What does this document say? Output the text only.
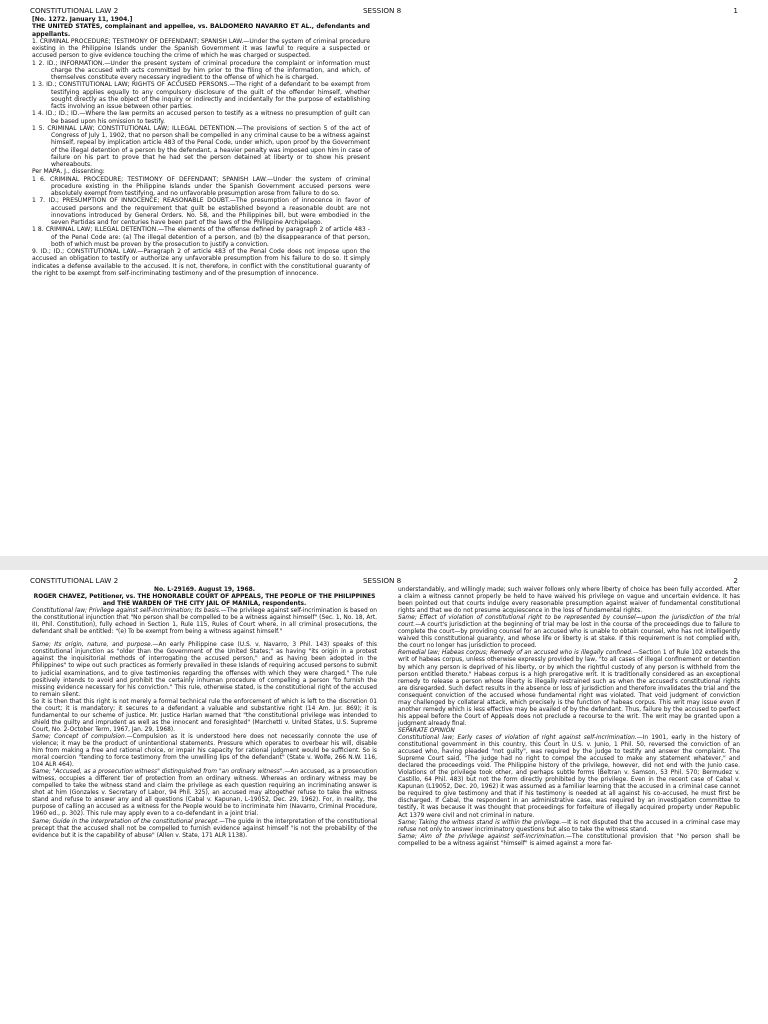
CONSTITUTIONAL LAW 2	SESSION 8	1

[No. 1272. January 11, 1904.]

THE UNITED STATES, complainant and appellee, vs. BALDOMERO NAVARRO ET AL., defendants and appellants.

1. CRIMINAL PROCEDURE; TESTIMONY OF DEFENDANT; SPANISH LAW.—Under the system of criminal procedure existing in the Philippine Islands under the Spanish Government it was lawful to require a suspected or accused person to give evidence touching the crime of which he was charged or suspected.

1 2. ID.; INFORMATION.—Under the present system of criminal procedure the complaint or information must charge the accused with acts committed by him prior to the filing of the information, and which, of themselves constitute every necessary ingredient to the offense of which he is charged.

1 3. ID.; CONSTITUTIONAL LAW; RIGHTS OF ACCUSED PERSONS.—The right of a defendant to be exempt from testifying applies equally to any compulsory disclosure of the guilt of the offender himself, whether sought directly as the object of the inquiry or indirectly and incidentally for the purpose of establishing facts involving an issue between other parties.

1 4. ID.; ID.; ID.—Where the law permits an accused person to testify as a witness no presumption of guilt can be based upon his omission to testify.

1 5. CRIMINAL LAW; CONSTITUTIONAL LAW; ILLEGAL DETENTION.—The provisions of section 5 of the act of Congress of July 1, 1902, that no person shall be compelled in any criminal cause to be a witness against himself, repeal by implication article 483 of the Penal Code, under which, upon proof by the Government of the illegal detention of a person by the defendant, a heavier penalty was imposed upon him in case of failure on his part to prove that he had set the person detained at liberty or to show his present whereabouts.

Per MAPA, J., dissenting:

1 6. CRIMINAL PROCEDURE; TESTIMONY OF DEFENDANT; SPANISH LAW.—Under the system of criminal procedure existing in the Philippine Islands under the Spanish Government accused persons were absolutely exempt from testifying, and no unfavorable presumption arose from failure to do so.

1 7. ID.; PRESUMPTION OF INNOCENCE; REASONABLE DOUBT.—The presumption of innocence in favor of accused persons and the requirement that guilt be established beyond a reasonable doubt are not innovations introduced by General Orders. No. 58, and the Philippines bill, but were embodied in the seven Partidas and for centuries have been part of the laws of the Philippine Archipelago.

1 8. CRIMINAL LAW; ILLEGAL DETENTION.—The elements of the offense defined by paragraph 2 of article 483 -of the Penal Code are: (a) The illegal detention of a person, and (b) the disappearance of that person, both of which must be proven by the prosecution to justify a conviction.

9. ID.; ID.; CONSTITUTIONAL LAW.—Paragraph 2 of article 483 of the Penal Code does not impose upon the accused an obligation to testify or authorize any unfavorable presumption from his failure to do so. It simply indicates a defense available to the accused. It is not, therefore, in conflict with the constitutional guaranty of the right to be exempt from self-incriminating testimony and of the presumption of innocence.

CONSTITUTIONAL LAW 2	SESSION 8	2

No. L-29169. August 19, 1968.

ROGER CHAVEZ, Petitioner, vs. THE HONORABLE COURT OF APPEALS, THE PEOPLE OF THE PHILIPPINES and THE WARDEN OF THE CITY JAIL OF MANILA, respondents.

Constitutional law; Privilege against self-incrimination; Its basis.—The privilege against self-incrimination is based on the constitutional injunction that "No person shall be compelled to be a witness against himself" (Sec. 1, No. 18, Art. III, Phil. Constitution), fully echoed in Section 1, Rule 115, Rules of Court where, in all criminal prosecutions, the defendant shall be entitled: "(e) To be exempt from being a witness against himself."

Same; Its origin, nature, and purpose.—An early Philippine case (U.S. v. Navarro, 3 Phil. 143) speaks of this constitutional injunction as "older than the Government of the United States;" as having "its origin in a protest against the inquisitorial methods of interrogating the accused person," and as having been adopted in the Philippines" to wipe out such practices as formerly prevailed in these Islands of requiring accused persons to submit to judicial examinations, and to give testimonies regarding the offenses with which they were charged." The rule positively intends to avoid and prohibit the certainly inhuman procedure of compelling a person "to furnish the missing evidence necessary for his conviction." This rule, otherwise stated, is the constitutional right of the accused to remain silent.

So it is then that this right is not merely a formal technical rule the enforcement of which is left to the discretion 01 the court; it is mandatory; it secures to a defendant a valuable and substantive right (14 Am. Jur. 869); it is fundamental to our scheme of justice. Mr. Justice Harlan warned that "the constitutional privilege was intended to shield the guilty and imprudent as well as the innocent and foresighted" (Marchetti v. United States, U.S. Supreme Court, No. 2-October Term, 1967, Jan. 29, 1968).

Same; Concept of compulsion.—Compulsion as it is understood here does not necessarily connote the use of violence; it may be the product of unintentional statements. Pressure which operates to overbear his will, disable him from making a free and rational choice, or impair his capacity for rational judgment would be sufficient. So is moral coercion "tending to force testimony from the unwilling lips of the defendant" (State v. Wolfe, 266 N.W. 116, 104 ALR 464).

Same; "Accused, as a prosecution witness" distinguished from "an ordinary witness".—An accused, as a prosecution witness, occupies a different tier of protection from an ordinary witness. Whereas an ordinary witness may be compelled to take the witness stand and claim the privilege as each question requiring an incriminating answer is shot at him (Gonzales v. Secretary of Labor, 94 Phil. 325), an accused may altogether refuse to take the witness stand and refuse to answer any and all questions (Cabal v. Kapunan, L-19052, Dec. 29, 1962). For, in reality, the purpose of calling an accused as a witness for the People would be to incriminate him (Navarro, Criminal Procedure, 1960 ed., p. 302). This rule may apply even to a co-defendant in a joint trial.

Same; Guide in the interpretation of the constitutional precept.—The guide in the interpretation of the constitutional precept that the accused shall not be compelled to furnish evidence against himself "is not the probability of the evidence but it is the capability of abuse" (Allen v. State, 171 ALR 1138).

understandably, and willingly made; such waiver follows only where liberty of choice has been fully accorded. After a claim a witness cannot properly be held to have waived his privilege on vague and uncertain evidence. It has been pointed out that courts indulge every reasonable presumption against waiver of fundamental constitutional rights and that we do not presume acquiescence in the loss of fundamental rights.

Same; Effect of violation of constitutional right to be represented by counsel—upon the jurisdiction of the trial court.—A court's jurisdiction at the beginning of trial may be lost in the course of the proceedings due to failure to complete the court—by providing counsel for an accused who is unable to obtain counsel, who has not intelligently waived this constitutional guaranty, and whose life or liberty is at stake. If this requirement is not complied with, the court no longer has jurisdiction to proceed.

Remedial law; Habeas corpus; Remedy of an accused who is illegally confined.—Section 1 of Rule 102 extends the writ of habeas corpus, unless otherwise expressly provided by law, "to all cases of illegal confinement or detention by which any person is deprived of his liberty, or by which the rightful custody of any person is withheld from the person entitled thereto." Habeas corpus is a high prerogative writ. It is traditionally considered as an exceptional remedy to release a person whose liberty is illegally restrained such as when the accused's constitutional rights are disregarded. Such defect results in the absence or loss of jurisdiction and therefore invalidates the trial and the consequent conviction of the accused whose fundamental right was violated. That void judgment of conviction may challenged by collateral attack, which precisely is the function of habeas corpus. This writ may issue even if another remedy which is less effective may be availed of by the defendant. Thus, failure by the accused to perfect his appeal before the Court of Appeals does not preclude a recourse to the writ. The writ may be granted upon a judgment already final.

SEPARATE OPINION

Constitutional law; Early cases of violation of right against self-incrimination.—In 1901, early in the history of constitutional government in this country, this Court in U.S. v. Junio, 1 Phil. 50, reversed the conviction of an accused who, having pleaded "not guilty", was required by the judge to testify and answer the complaint. The Supreme Court said, "The judge had no right to compel the accused to make any statement whatever," and declared the proceedings void. The Philippine history of the privilege, however, did not end with the Junio case. Violations of the privilege took other, and perhaps subtle forms (Beltran v. Samson, 53 Phil. 570; Bermudez v. Castillo, 64 Phil. 483) but not the form directly prohibited by the privilege. Even in the recent case of Cabal v. Kapunan (L19052, Dec. 20, 1962) it was assumed as a familiar learning that the accused in a criminal case cannot be required to give testimony and that if his testimony is needed at all against his co-accused, he must first be discharged. If Cabal, the respondent in an administrative case, was required by an investigation committee to testify, it was because it was thought that proceedings for forfeiture of illegally acquired property under Republic Act 1379 were civil and not criminal in nature.

Same; Taking the witness stand is within the privilege.—It is not disputed that the accused in a criminal case may refuse not only to answer incriminatory questions but also to take the witness stand.

Same; Aim of the privilege against self-incrimination.—The constitutional provision that "No person shall be compelled to be a witness against "himself" is aimed against a more far-
